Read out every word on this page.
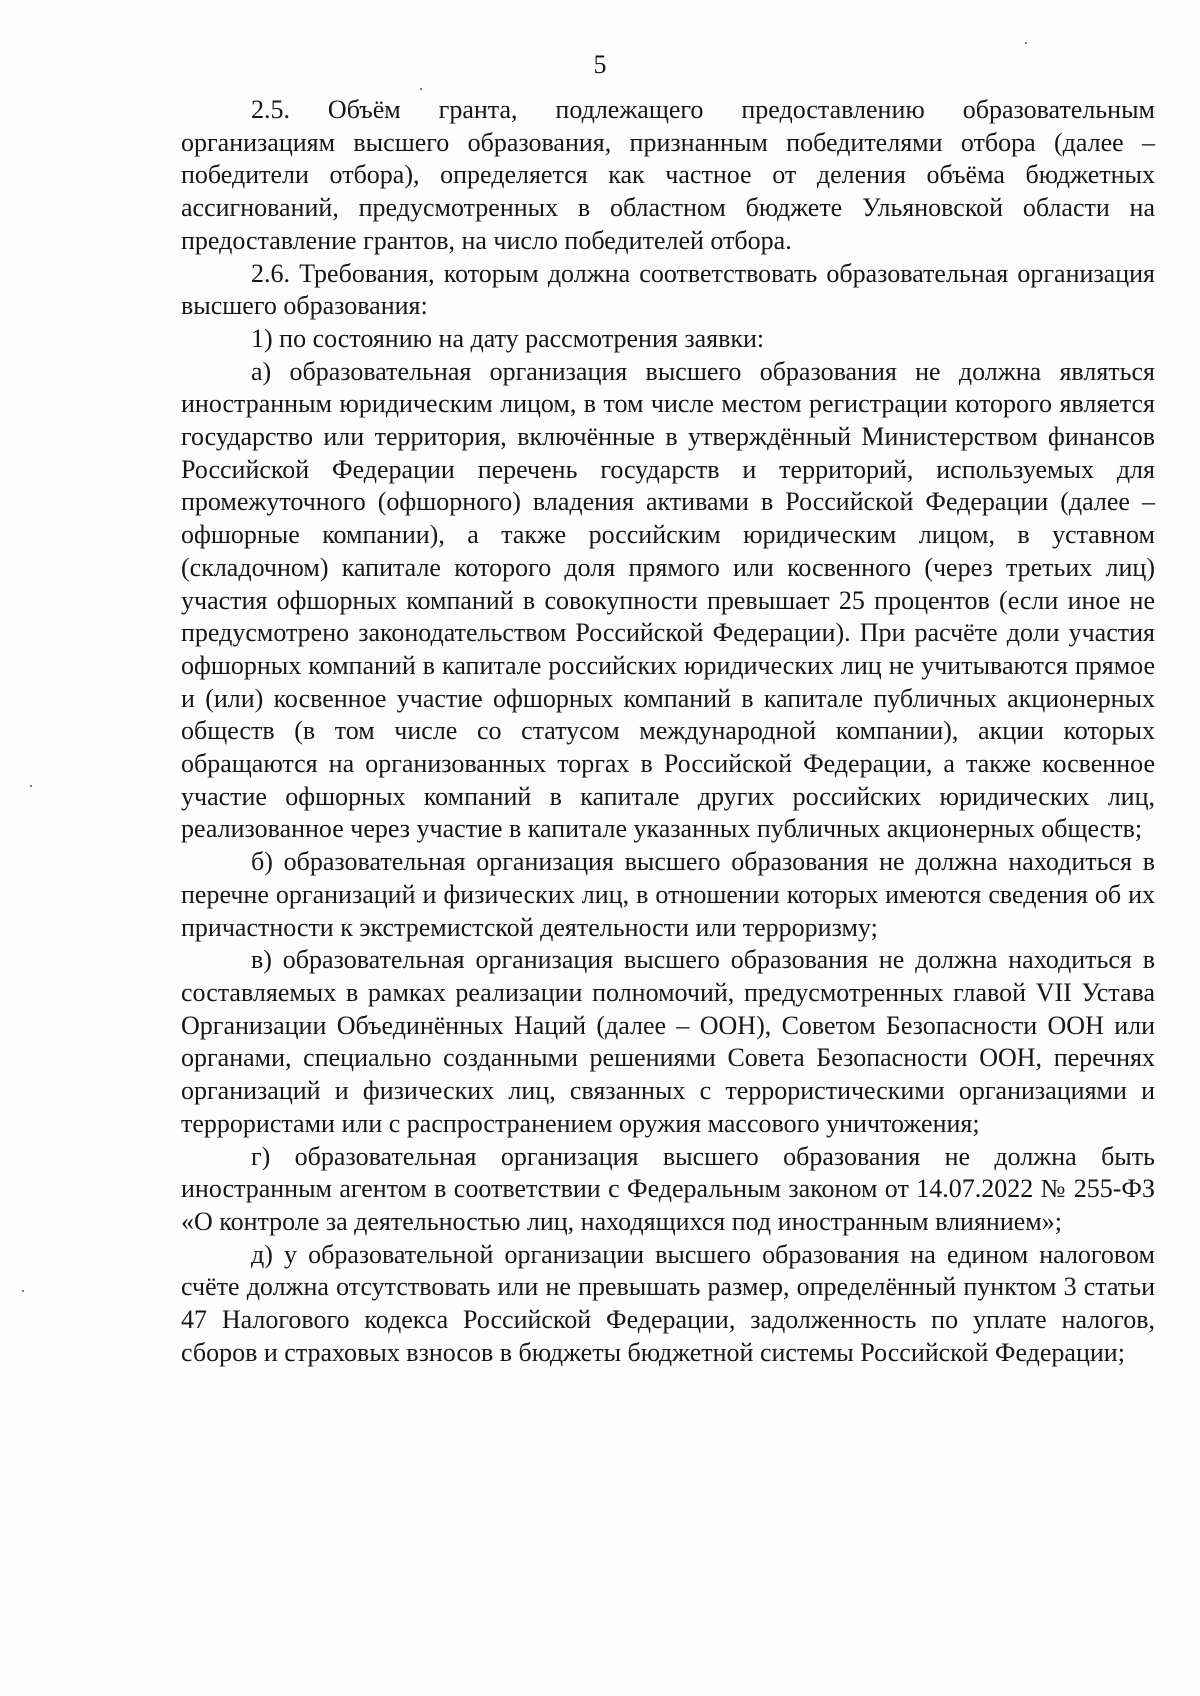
5

2.5. Объём гранта, подлежащего предоставлению образовательным организациям высшего образования, признанным победителями отбора (далее – победители отбора), определяется как частное от деления объёма бюджетных ассигнований, предусмотренных в областном бюджете Ульяновской области на предоставление грантов, на число победителей отбора.

2.6. Требования, которым должна соответствовать образовательная организация высшего образования:

1) по состоянию на дату рассмотрения заявки:

а) образовательная организация высшего образования не должна являться иностранным юридическим лицом, в том числе местом регистрации которого является государство или территория, включённые в утверждённый Министерством финансов Российской Федерации перечень государств и территорий, используемых для промежуточного (офшорного) владения активами в Российской Федерации (далее – офшорные компании), а также российским юридическим лицом, в уставном (складочном) капитале которого доля прямого или косвенного (через третьих лиц) участия офшорных компаний в совокупности превышает 25 процентов (если иное не предусмотрено законодательством Российской Федерации). При расчёте доли участия офшорных компаний в капитале российских юридических лиц не учитываются прямое и (или) косвенное участие офшорных компаний в капитале публичных акционерных обществ (в том числе со статусом международной компании), акции которых обращаются на организованных торгах в Российской Федерации, а также косвенное участие офшорных компаний в капитале других российских юридических лиц, реализованное через участие в капитале указанных публичных акционерных обществ;

б) образовательная организация высшего образования не должна находиться в перечне организаций и физических лиц, в отношении которых имеются сведения об их причастности к экстремистской деятельности или терроризму;

в) образовательная организация высшего образования не должна находиться в составляемых в рамках реализации полномочий, предусмотренных главой VII Устава Организации Объединённых Наций (далее – ООН), Советом Безопасности ООН или органами, специально созданными решениями Совета Безопасности ООН, перечнях организаций и физических лиц, связанных с террористическими организациями и террористами или с распространением оружия массового уничтожения;

г) образовательная организация высшего образования не должна быть иностранным агентом в соответствии с Федеральным законом от 14.07.2022 № 255-ФЗ «О контроле за деятельностью лиц, находящихся под иностранным влиянием»;

д) у образовательной организации высшего образования на едином налоговом счёте должна отсутствовать или не превышать размер, определённый пунктом 3 статьи 47 Налогового кодекса Российской Федерации, задолженность по уплате налогов, сборов и страховых взносов в бюджеты бюджетной системы Российской Федерации;
